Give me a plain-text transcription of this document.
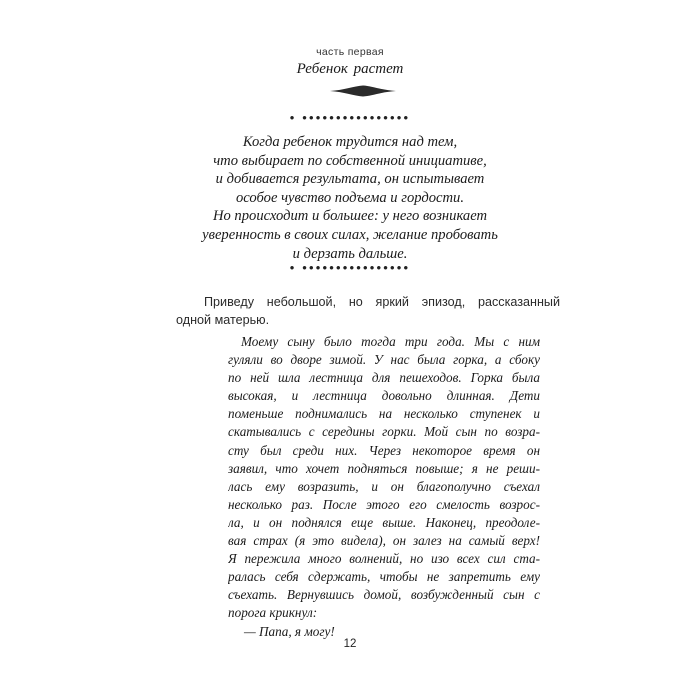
часть первая
Ребенок растет
• ••••••••••••••••
Когда ребенок трудится над тем,
что выбирает по собственной инициативе,
и добивается результата, он испытывает
особое чувство подъема и гордости.
Но происходит и большее: у него возникает
уверенность в своих силах, желание пробовать
и дерзать дальше.
• ••••••••••••••••
Приведу небольшой, но яркий эпизод, рассказанный
одной матерью.
Моему сыну было тогда три года. Мы с ним
гуляли во дворе зимой. У нас была горка, а сбоку
по ней шла лестница для пешеходов. Горка была
высокая, и лестница довольно длинная. Дети
поменьше поднимались на несколько ступенек и
скатывались с середины горки. Мой сын по возра-
сту был среди них. Через некоторое время он
заявил, что хочет подняться повыше; я не реши-
лась ему возразить, и он благополучно съехал
несколько раз. После этого его смелость возрос-
ла, и он поднялся еще выше. Наконец, преодоле-
вая страх (я это видела), он залез на самый верх!
Я пережила много волнений, но изо всех сил ста-
ралась себя сдержать, чтобы не запретить ему
съехать. Вернувшись домой, возбужденный сын с
порога крикнул:
— Папа, я могу!
12
